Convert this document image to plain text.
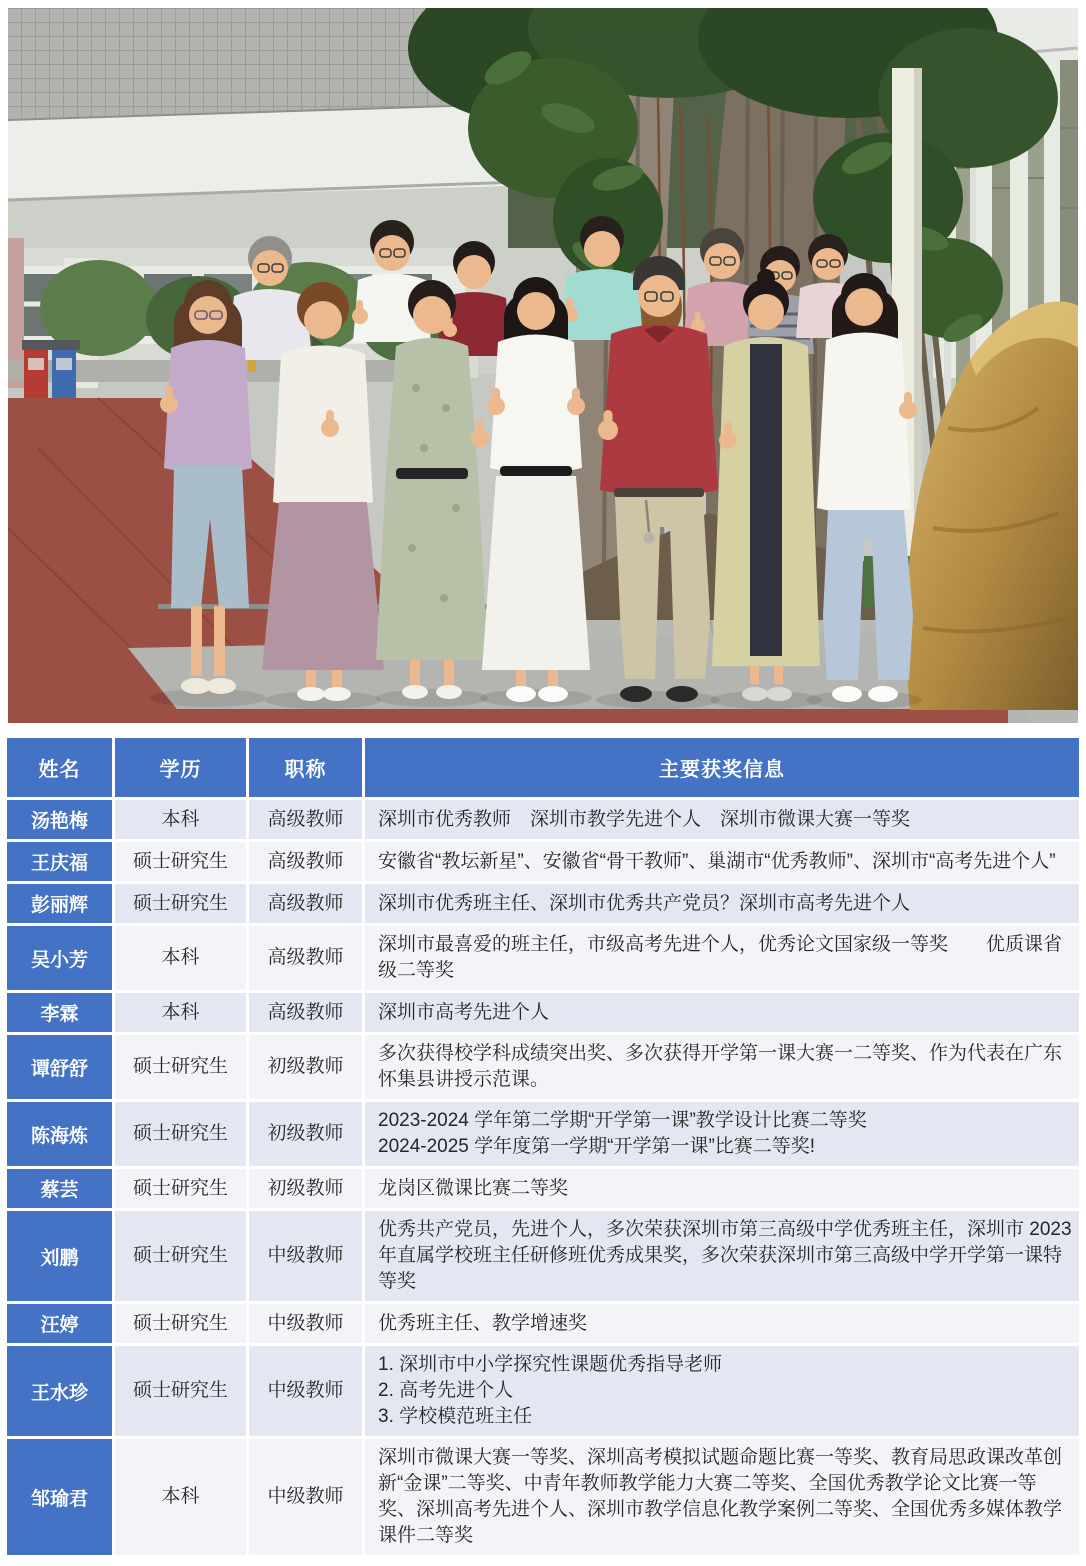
姓名	学历	职称	主要获奖信息
汤艳梅	本科	高级教师	深圳市优秀教师　深圳市教学先进个人　深圳市微课大赛一等奖

王庆福	硕士研究生	高级教师	安徽省“教坛新星”、安徽省“骨干教师”、巢湖市“优秀教师”、深圳市“高考先进个人”

彭丽辉	硕士研究生	高级教师	深圳市优秀班主任、深圳市优秀共产党员？深圳市高考先进个人

吴小芳	本科	高级教师	深圳市最喜爱的班主任，市级高考先进个人，优秀论文国家级一等奖　　优质课省级二等奖

李霖	本科	高级教师	深圳市高考先进个人

谭舒舒	硕士研究生	初级教师	多次获得校学科成绩突出奖、多次获得开学第一课大赛一二等奖、作为代表在广东怀集县讲授示范课。

陈海炼	硕士研究生	初级教师	2023-2024 学年第二学期“开学第一课”教学设计比赛二等奖
2024-2025 学年度第一学期“开学第一课”比赛二等奖!

蔡芸	硕士研究生	初级教师	龙岗区微课比赛二等奖

刘鹏	硕士研究生	中级教师	优秀共产党员，先进个人，多次荣获深圳市第三高级中学优秀班主任，深圳市 2023 年直属学校班主任研修班优秀成果奖，多次荣获深圳市第三高级中学开学第一课特等奖

汪婷	硕士研究生	中级教师	优秀班主任、教学增速奖

王水珍	硕士研究生	中级教师	1. 深圳市中小学探究性课题优秀指导老师
2. 高考先进个人
3. 学校模范班主任

邹瑜君	本科	中级教师	深圳市微课大赛一等奖、深圳高考模拟试题命题比赛一等奖、教育局思政课改革创新“金课”二等奖、中青年教师教学能力大赛二等奖、全国优秀教学论文比赛一等奖、深圳高考先进个人、深圳市教学信息化教学案例二等奖、全国优秀多媒体教学课件二等奖
